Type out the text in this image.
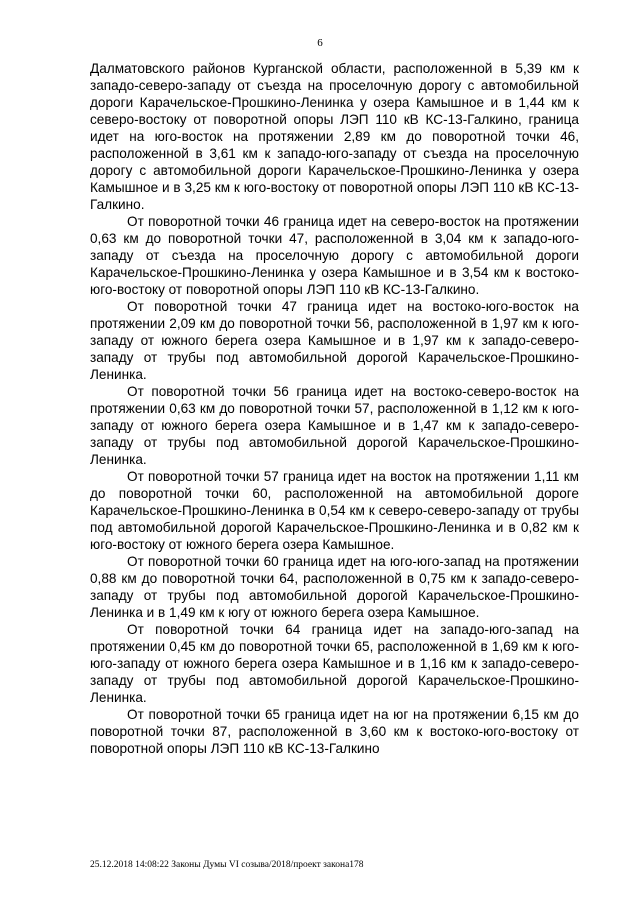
6

Далматовского районов Курганской области, расположенной в 5,39 км к западо-северо-западу от съезда на проселочную дорогу с автомобильной дороги Карачельское-Прошкино-Ленинка у озера Камышное и в 1,44 км к северо-востоку от поворотной опоры ЛЭП 110 кВ КС-13-Галкино, граница идет на юго-восток на протяжении 2,89 км до поворотной точки 46, расположенной в 3,61 км к западо-югo-западу от съезда на проселочную дорогу с автомобильной дороги Карачельское-Прошкино-Ленинка у озера Камышное и в 3,25 км к юго-востоку от поворотной опоры ЛЭП 110 кВ КС-13-Галкино.

От поворотной точки 46 граница идет на северо-восток на протяжении 0,63 км до поворотной точки 47, расположенной в 3,04 км к западо-юго-западу от съезда на проселочную дорогу с автомобильной дороги Карачельское-Прошкино-Ленинка у озера Камышное и в 3,54 км к востоко-юго-востоку от поворотной опоры ЛЭП 110 кВ КС-13-Галкино.

От поворотной точки 47 граница идет на востоко-юго-восток на протяжении 2,09 км до поворотной точки 56, расположенной в 1,97 км к юго-западу от южного берега озера Камышное и в 1,97 км к западо-северо-западу от трубы под автомобильной дорогой Карачельское-Прошкино-Ленинка.

От поворотной точки 56 граница идет на востоко-северо-восток на протяжении 0,63 км до поворотной точки 57, расположенной в 1,12 км к юго-западу от южного берега озера Камышное и в 1,47 км к западо-северо-западу от трубы под автомобильной дорогой Карачельское-Прошкино-Ленинка.

От поворотной точки 57 граница идет на восток на протяжении 1,11 км до поворотной точки 60, расположенной на автомобильной дороге Карачельское-Прошкино-Ленинка в 0,54 км к северо-северо-западу от трубы под автомобильной дорогой Карачельское-Прошкино-Ленинка и в 0,82 км к юго-востоку от южного берега озера Камышное.

От поворотной точки 60 граница идет на юго-юго-запад на протяжении 0,88 км до поворотной точки 64, расположенной в 0,75 км к западо-северо-западу от трубы под автомобильной дорогой Карачельское-Прошкино-Ленинка и в 1,49 км к югу от южного берега озера Камышное.

От поворотной точки 64 граница идет на западо-юго-запад на протяжении 0,45 км до поворотной точки 65, расположенной в 1,69 км к юго-юго-западу от южного берега озера Камышное и в 1,16 км к западо-северо-западу от трубы под автомобильной дорогой Карачельское-Прошкино-Ленинка.

От поворотной точки 65 граница идет на юг на протяжении 6,15 км до поворотной точки 87, расположенной в 3,60 км к востоко-юго-востоку от поворотной опоры ЛЭП 110 кВ КС-13-Галкино

25.12.2018 14:08:22 Законы Думы VI созыва/2018/проект закона178
